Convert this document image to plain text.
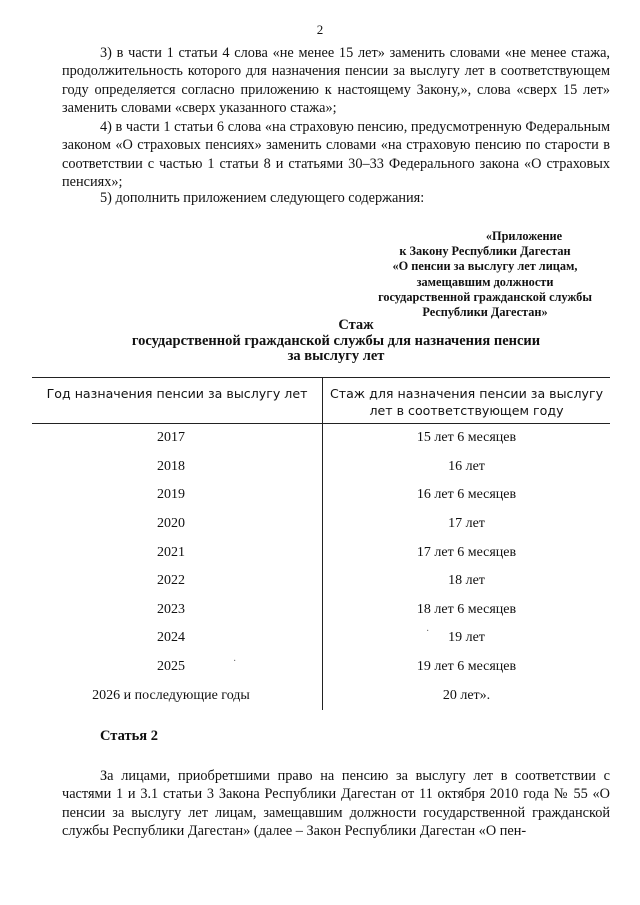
2

3) в части 1 статьи 4 слова «не менее 15 лет» заменить словами «не менее стажа, продолжительность которого для назначения пенсии за выслугу лет в соответствующем году определяется согласно приложению к настоящему Закону,», слова «сверх 15 лет» заменить словами «сверх указанного стажа»;

4) в части 1 статьи 6 слова «на страховую пенсию, предусмотренную Федеральным законом «О страховых пенсиях» заменить словами «на страховую пенсию по старости в соответствии с частью 1 статьи 8 и статьями 30–33 Федерального закона «О страховых пенсиях»;

5) дополнить приложением следующего содержания:

«Приложение
к Закону Республики Дагестан
«О пенсии за выслугу лет лицам,
замещавшим должности
государственной гражданской службы
Республики Дагестан»
Стаж
государственной гражданской службы для назначения пенсии
за выслугу лет
Год назначения пенсии за выслугу лет	Стаж для назначения пенсии за выслугу лет в соответствующем году
2017	15 лет 6 месяцев
2018	16 лет
2019	16 лет 6 месяцев
2020	17 лет
2021	17 лет 6 месяцев
2022	18 лет
2023	18 лет 6 месяцев
2024	19 лет
2025	19 лет 6 месяцев
2026 и последующие годы	20 лет».
Статья 2

За лицами, приобретшими право на пенсию за выслугу лет в соответствии с частями 1 и 3.1 статьи 3 Закона Республики Дагестан от 11 октября 2010 года № 55 «О пенсии за выслугу лет лицам, замещавшим должности государственной гражданской службы Республики Дагестан» (далее – Закон Республики Дагестан «О пен-

·
·
